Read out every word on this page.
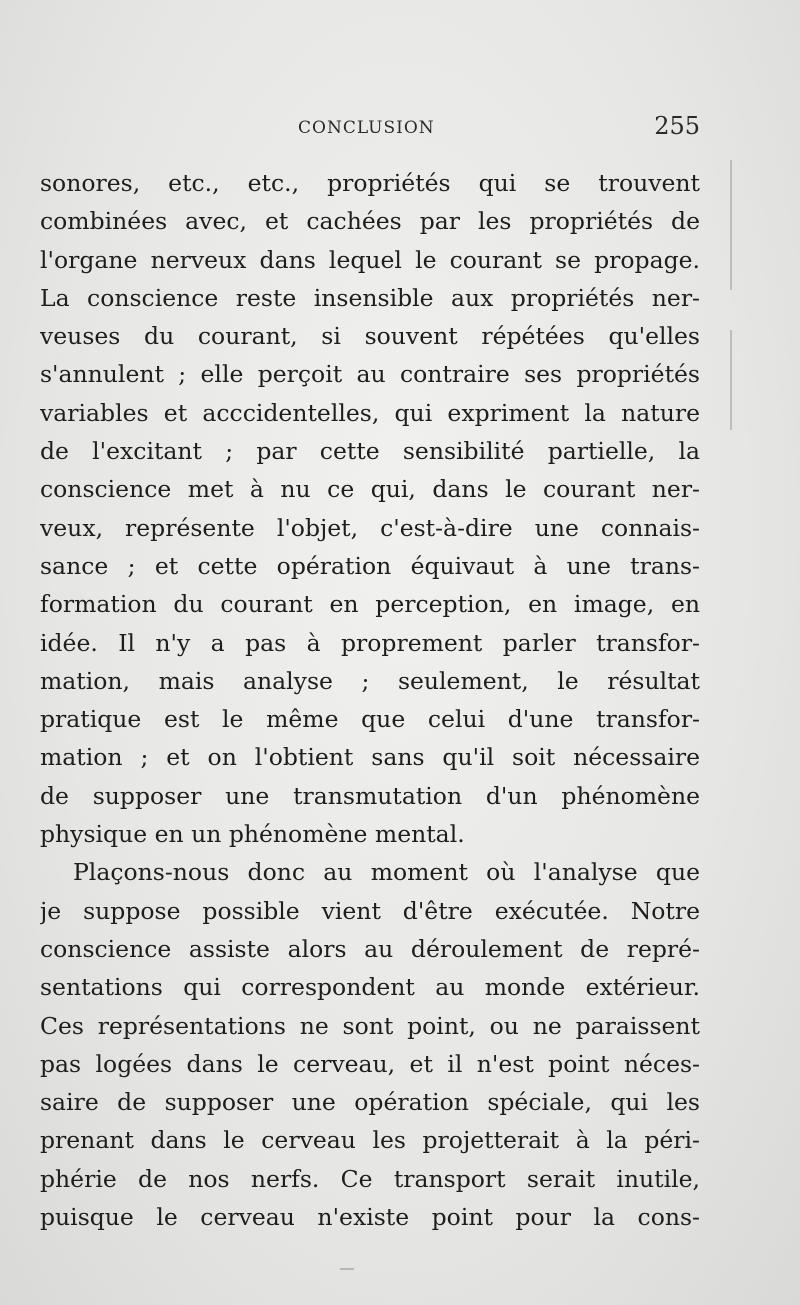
CONCLUSION	255
sonores, etc., etc., propriétés qui se trouvent
combinées avec, et cachées par les propriétés de
l'organe nerveux dans lequel le courant se propage.
La conscience reste insensible aux propriétés ner-
veuses du courant, si souvent répétées qu'elles
s'annulent ; elle perçoit au contraire ses propriétés
variables et acccidentelles, qui expriment la nature
de l'excitant ; par cette sensibilité partielle, la
conscience met à nu ce qui, dans le courant ner-
veux, représente l'objet, c'est-à-dire une connais-
sance ; et cette opération équivaut à une trans-
formation du courant en perception, en image, en
idée. Il n'y a pas à proprement parler transfor-
mation, mais analyse ; seulement, le résultat
pratique est le même que celui d'une transfor-
mation ; et on l'obtient sans qu'il soit nécessaire
de supposer une transmutation d'un phénomène
physique en un phénomène mental.
Plaçons-nous donc au moment où l'analyse que
je suppose possible vient d'être exécutée. Notre
conscience assiste alors au déroulement de repré-
sentations qui correspondent au monde extérieur.
Ces représentations ne sont point, ou ne paraissent
pas logées dans le cerveau, et il n'est point néces-
saire de supposer une opération spéciale, qui les
prenant dans le cerveau les projetterait à la péri-
phérie de nos nerfs. Ce transport serait inutile,
puisque le cerveau n'existe point pour la cons-
